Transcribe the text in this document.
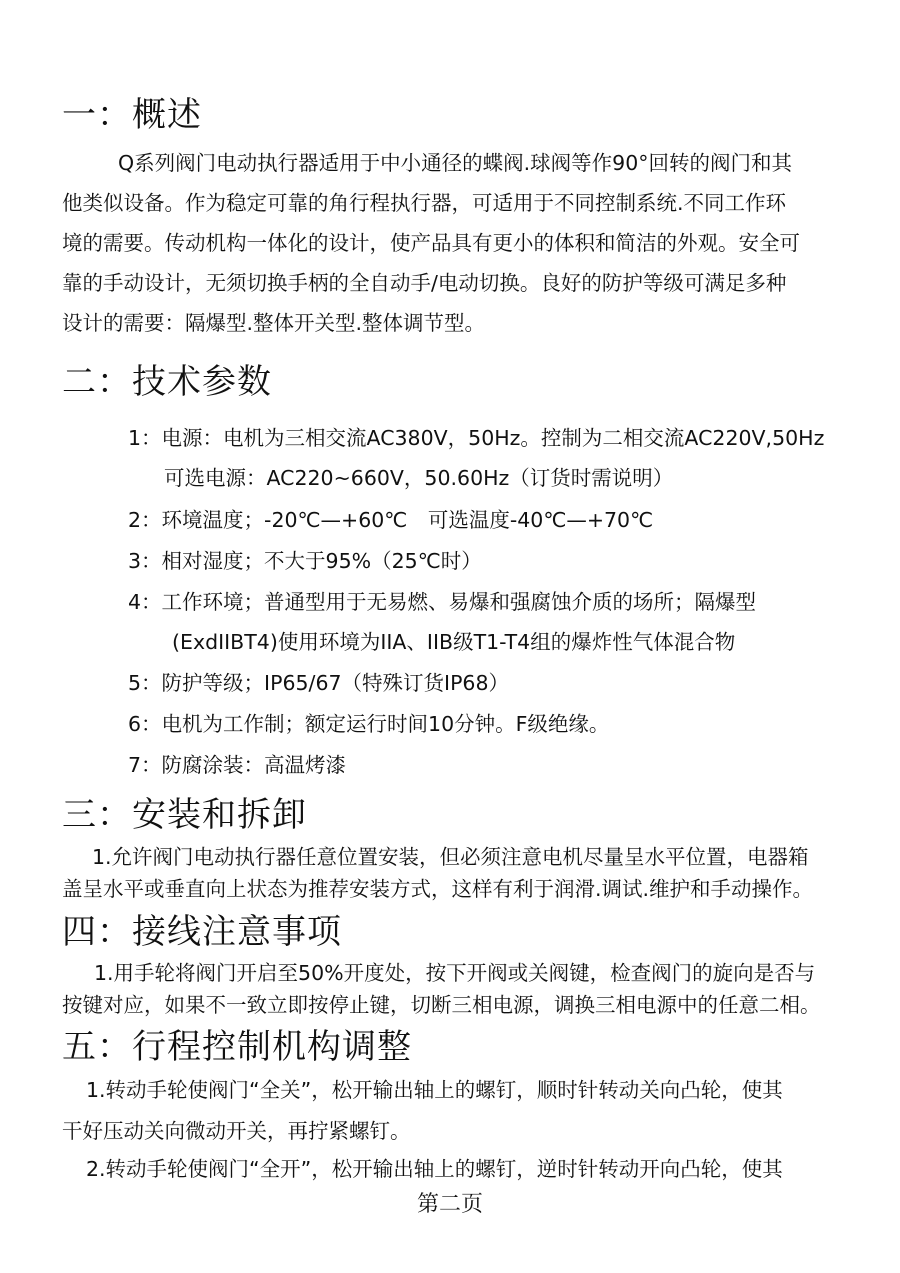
一：概述

Q系列阀门电动执行器适用于中小通径的蝶阀.球阀等作90°回转的阀门和其

他类似设备。作为稳定可靠的角行程执行器，可适用于不同控制系统.不同工作环

境的需要。传动机构一体化的设计，使产品具有更小的体积和简洁的外观。安全可

靠的手动设计，无须切换手柄的全自动手/电动切换。良好的防护等级可满足多种

设计的需要：隔爆型.整体开关型.整体调节型。

二：技术参数

1：电源：电机为三相交流AC380V，50Hz。控制为二相交流AC220V,50Hz

可选电源：AC220~660V，50.60Hz（订货时需说明）

2：环境温度；-20℃—+60℃　可选温度-40℃—+70℃

3：相对湿度；不大于95%（25℃时）

4：工作环境；普通型用于无易燃、易爆和强腐蚀介质的场所；隔爆型

(ExdIIBT4)使用环境为IIA、IIB级T1-T4组的爆炸性气体混合物

5：防护等级；IP65/67（特殊订货IP68）

6：电机为工作制；额定运行时间10分钟。F级绝缘。

7：防腐涂装：高温烤漆

三：安装和拆卸

1.允许阀门电动执行器任意位置安装，但必须注意电机尽量呈水平位置，电器箱

盖呈水平或垂直向上状态为推荐安装方式，这样有利于润滑.调试.维护和手动操作。

四：接线注意事项

1.用手轮将阀门开启至50%开度处，按下开阀或关阀键，检查阀门的旋向是否与

按键对应，如果不一致立即按停止键，切断三相电源，调换三相电源中的任意二相。

五：行程控制机构调整

1.转动手轮使阀门“全关”，松开输出轴上的螺钉，顺时针转动关向凸轮，使其

干好压动关向微动开关，再拧紧螺钉。

2.转动手轮使阀门“全开”，松开输出轴上的螺钉，逆时针转动开向凸轮，使其

第二页
